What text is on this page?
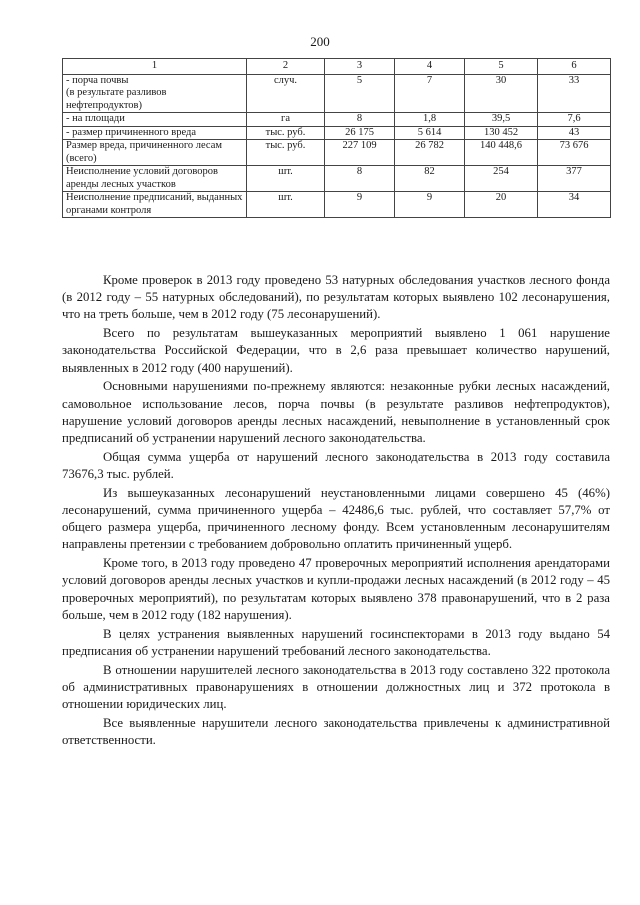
200
1	2	3	4	5	6
- порча почвы
(в результате разливов нефтепродуктов)	случ.	5	7	30	33
- на площади	га	8	1,8	39,5	7,6
- размер причиненного вреда	тыс. руб.	26 175	5 614	130 452	43
Размер вреда, причиненного лесам (всего)	тыс. руб.	227 109	26 782	140 448,6	73 676
Неисполнение условий договоров аренды лесных участков	шт.	8	82	254	377
Неисполнение предписаний, выданных органами контроля	шт.	9	9	20	34

Кроме проверок в 2013 году проведено 53 натурных обследования участков лесного фонда (в 2012 году – 55 натурных обследований), по результатам которых выявлено 102 лесонарушения, что на треть больше, чем в 2012 году (75 лесонарушений).

Всего по результатам вышеуказанных мероприятий выявлено 1 061 нарушение законодательства Российской Федерации, что в 2,6 раза превышает количество нарушений, выявленных в 2012 году (400 нарушений).

Основными нарушениями по-прежнему являются: незаконные рубки лесных насаждений, самовольное использование лесов, порча почвы (в результате разливов нефтепродуктов), нарушение условий договоров аренды лесных насаждений, невыполнение в установленный срок предписаний об устранении нарушений лесного законодательства.

Общая сумма ущерба от нарушений лесного законодательства в 2013 году составила 73676,3 тыс. рублей.

Из вышеуказанных лесонарушений неустановленными лицами совершено 45 (46%) лесонарушений, сумма причиненного ущерба – 42486,6 тыс. рублей, что составляет 57,7% от общего размера ущерба, причиненного лесному фонду. Всем установленным лесонарушителям направлены претензии с требованием добровольно оплатить причиненный ущерб.

Кроме того, в 2013 году проведено 47 проверочных мероприятий исполнения арендаторами условий договоров аренды лесных участков и купли-продажи лесных насаждений (в 2012 году – 45 проверочных мероприятий), по результатам которых выявлено 378 правонарушений, что в 2 раза больше, чем в 2012 году (182 нарушения).

В целях устранения выявленных нарушений госинспекторами в 2013 году выдано 54 предписания об устранении нарушений требований лесного законодательства.

В отношении нарушителей лесного законодательства в 2013 году составлено 322 протокола об административных правонарушениях в отношении должностных лиц и 372 протокола в отношении юридических лиц.

Все выявленные нарушители лесного законодательства привлечены к административной ответственности.
